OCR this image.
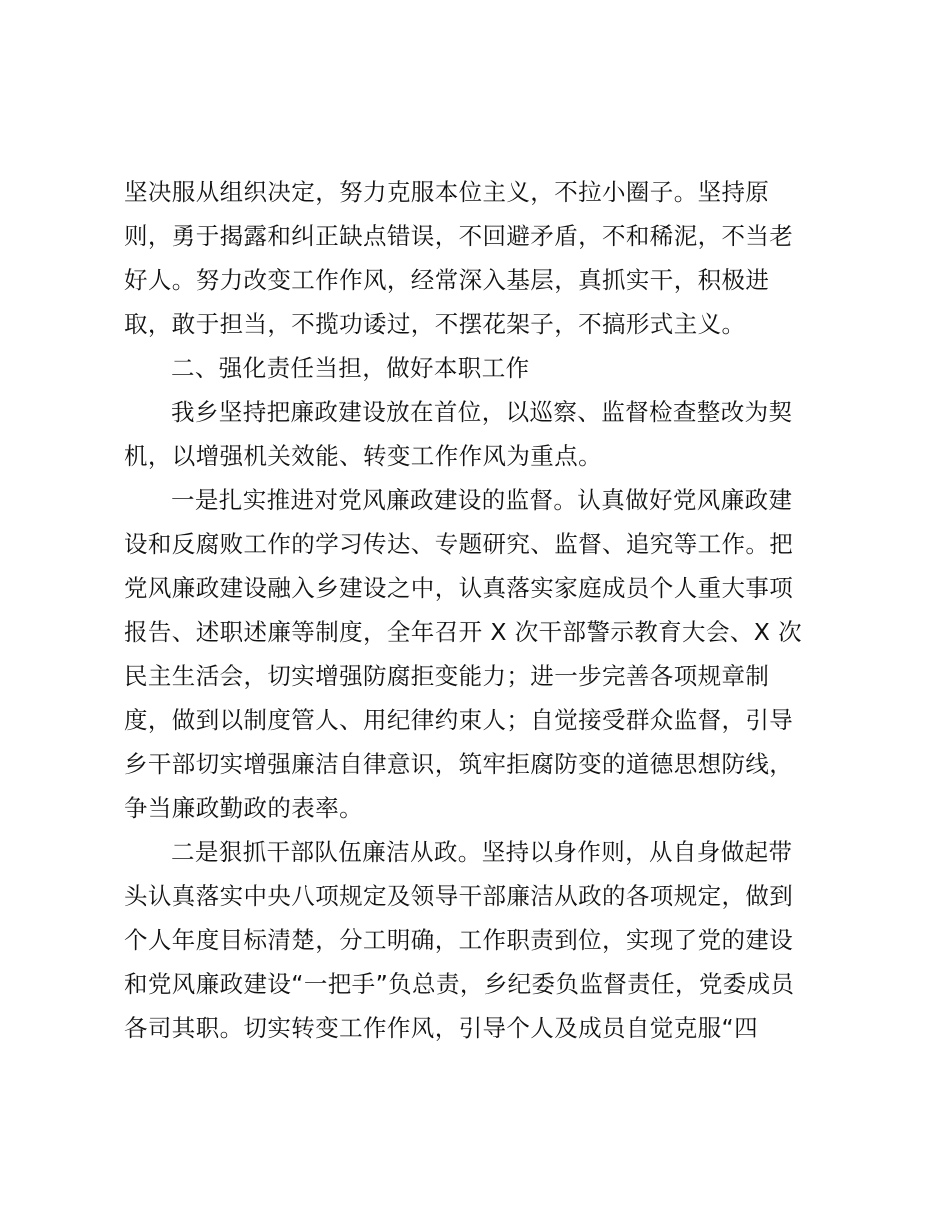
坚决服从组织决定，努力克服本位主义，不拉小圈子。坚持原
则，勇于揭露和纠正缺点错误，不回避矛盾，不和稀泥，不当老
好人。努力改变工作作风，经常深入基层，真抓实干，积极进
取，敢于担当，不揽功诿过，不摆花架子，不搞形式主义。
二、强化责任当担，做好本职工作
我乡坚持把廉政建设放在首位，以巡察、监督检查整改为契
机，以增强机关效能、转变工作作风为重点。
一是扎实推进对党风廉政建设的监督。认真做好党风廉政建
设和反腐败工作的学习传达、专题研究、监督、追究等工作。把
党风廉政建设融入乡建设之中，认真落实家庭成员个人重大事项
报告、述职述廉等制度，全年召开 X 次干部警示教育大会、X 次
民主生活会，切实增强防腐拒变能力；进一步完善各项规章制
度，做到以制度管人、用纪律约束人；自觉接受群众监督，引导
乡干部切实增强廉洁自律意识，筑牢拒腐防变的道德思想防线，
争当廉政勤政的表率。
二是狠抓干部队伍廉洁从政。坚持以身作则，从自身做起带
头认真落实中央八项规定及领导干部廉洁从政的各项规定，做到
个人年度目标清楚，分工明确，工作职责到位，实现了党的建设
和党风廉政建设“一把手”负总责，乡纪委负监督责任，党委成员
各司其职。切实转变工作作风，引导个人及成员自觉克服“四
